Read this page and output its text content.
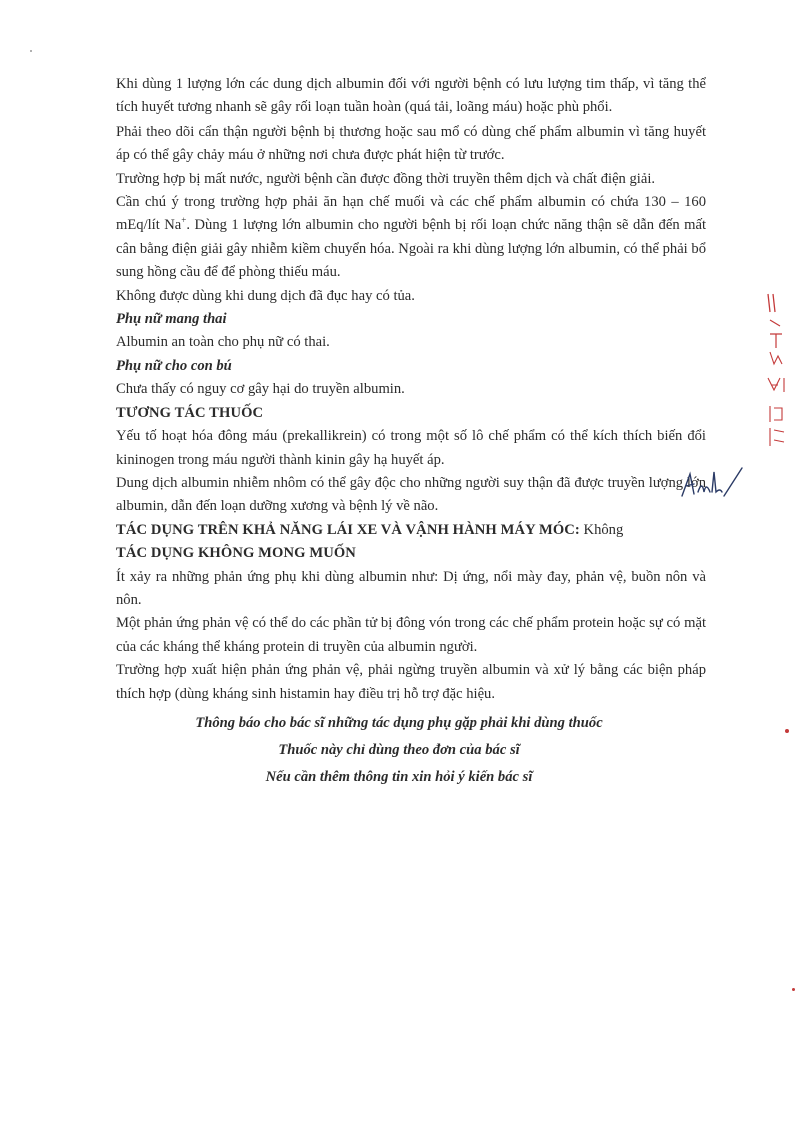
Khi dùng 1 lượng lớn các dung dịch albumin đối với người bệnh có lưu lượng tim thấp, vì tăng thể tích huyết tương nhanh sẽ gây rối loạn tuần hoàn (quá tải, loãng máu) hoặc phù phổi.

Phải theo dõi cẩn thận người bệnh bị thương hoặc sau mổ có dùng chế phẩm albumin vì tăng huyết áp có thể gây chảy máu ở những nơi chưa được phát hiện từ trước.

Trường hợp bị mất nước, người bệnh cần được đồng thời truyền thêm dịch và chất điện giải.

Cần chú ý trong trường hợp phải ăn hạn chế muối và các chế phẩm albumin có chứa 130 – 160 mEq/lít Na+. Dùng 1 lượng lớn albumin cho người bệnh bị rối loạn chức năng thận sẽ dẫn đến mất cân bằng điện giải gây nhiễm kiềm chuyển hóa. Ngoài ra khi dùng lượng lớn albumin, có thể phải bổ sung hồng cầu để để phòng thiếu máu.

Không được dùng khi dung dịch đã đục hay có tủa.

Phụ nữ mang thai

Albumin an toàn cho phụ nữ có thai.

Phụ nữ cho con bú

Chưa thấy có nguy cơ gây hại do truyền albumin.

TƯƠNG TÁC THUỐC

Yếu tố hoạt hóa đông máu (prekallikrein) có trong một số lô chế phẩm có thể kích thích biến đổi kininogen trong máu người thành kinin gây hạ huyết áp.

Dung dịch albumin nhiễm nhôm có thể gây độc cho những người suy thận đã được truyền lượng lớn albumin, dẫn đến loạn dưỡng xương và bệnh lý về não.

TÁC DỤNG TRÊN KHẢ NĂNG LÁI XE VÀ VẬNH HÀNH MÁY MÓC: Không

TÁC DỤNG KHÔNG MONG MUỐN

Ít xảy ra những phản ứng phụ khi dùng albumin như: Dị ứng, nổi mày đay, phản vệ, buồn nôn và nôn.

Một phản ứng phản vệ có thể do các phần tử bị đông vón trong các chế phẩm protein hoặc sự có mặt của các kháng thể kháng protein di truyền của albumin người.

Trường hợp xuất hiện phản ứng phản vệ, phải ngừng truyền albumin và xử lý bằng các biện pháp thích hợp (dùng kháng sinh histamin hay điều trị hỗ trợ đặc hiệu.

Thông báo cho bác sĩ những tác dụng phụ gặp phải khi dùng thuốc
Thuốc này chỉ dùng theo đơn của bác sĩ
Nếu cần thêm thông tin xin hỏi ý kiến bác sĩ
